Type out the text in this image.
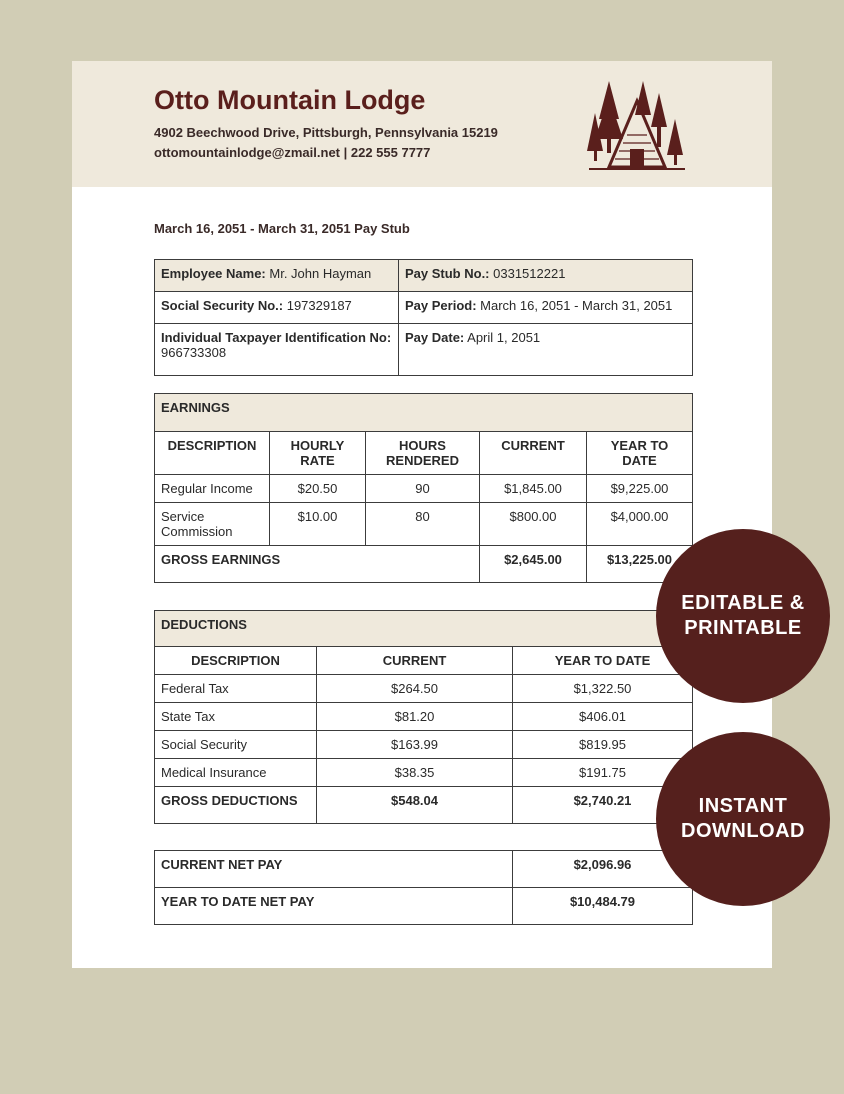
Otto Mountain Lodge
4902 Beechwood Drive, Pittsburgh, Pennsylvania 15219
ottomountainlodge@zmail.net | 222 555 7777
March 16, 2051 - March 31, 2051 Pay Stub
Employee Name: Mr. John Hayman	Pay Stub No.: 0331512221
Social Security No.: 197329187	Pay Period: March 16, 2051 - March 31, 2051
Individual Taxpayer Identification No:
966733308	Pay Date: April 1, 2051
EARNINGS				
DESCRIPTION	HOURLY RATE	HOURS RENDERED	CURRENT	YEAR TO DATE
Regular Income	$20.50	90	$1,845.00	$9,225.00
Service Commission	$10.00	80	$800.00	$4,000.00
GROSS EARNINGS			$2,645.00	$13,225.00
DEDUCTIONS		
DESCRIPTION	CURRENT	YEAR TO DATE
Federal Tax	$264.50	$1,322.50
State Tax	$81.20	$406.01
Social Security	$163.99	$819.95
Medical Insurance	$38.35	$191.75
GROSS DEDUCTIONS	$548.04	$2,740.21
CURRENT NET PAY	$2,096.96
YEAR TO DATE NET PAY	$10,484.79
EDITABLE &
PRINTABLE
INSTANT
DOWNLOAD
